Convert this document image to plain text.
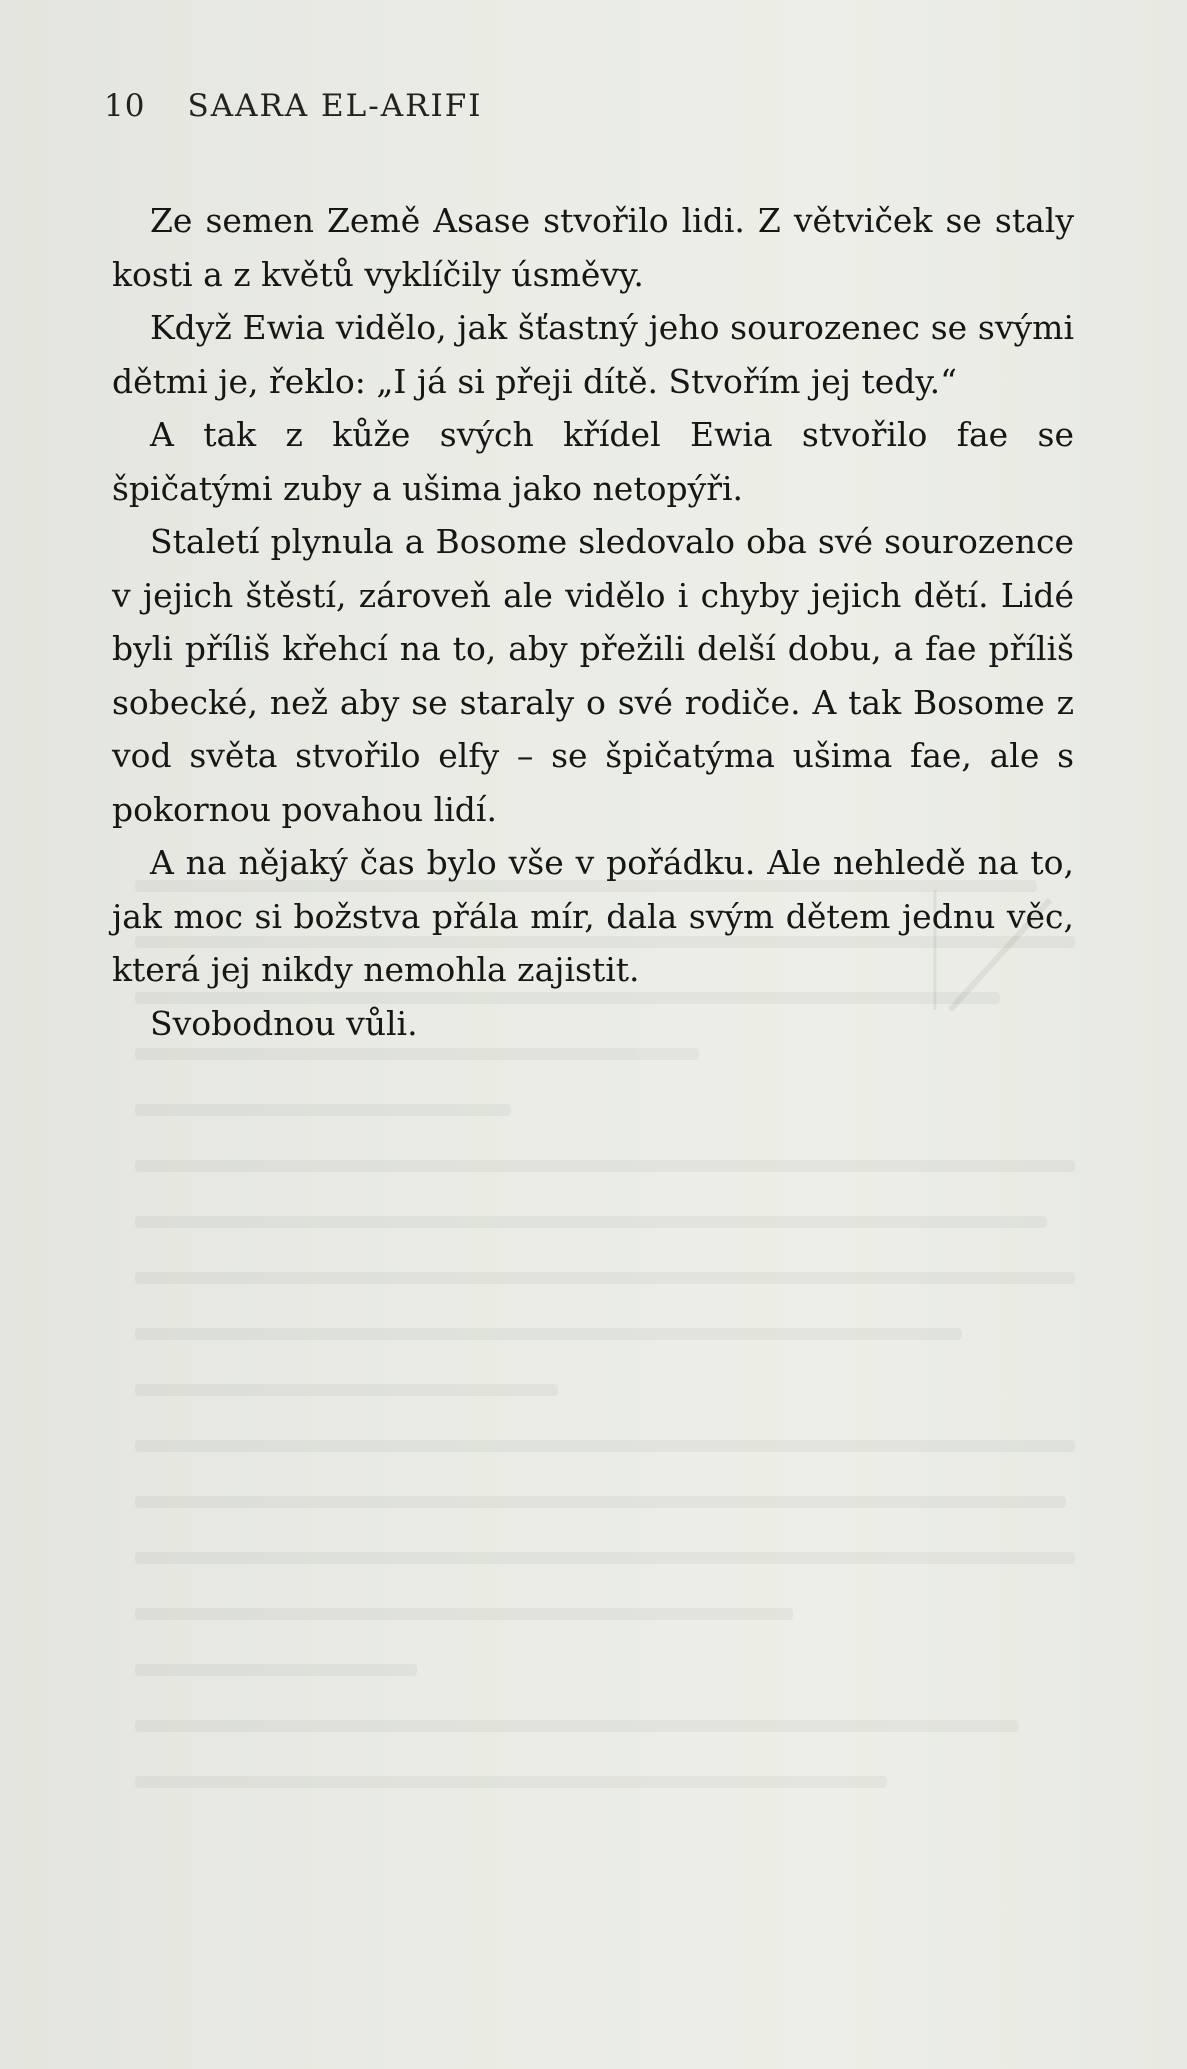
10 SAARA EL-ARIFI

Ze semen Země Asase stvořilo lidi. Z větviček se staly kosti a z květů vyklíčily úsměvy.

Když Ewia vidělo, jak šťastný jeho sourozenec se svými dětmi je, řeklo: „I já si přeji dítě. Stvořím jej tedy.“

A tak z kůže svých křídel Ewia stvořilo fae se špičatými zuby a ušima jako netopýři.

Staletí plynula a Bosome sledovalo oba své sourozence v jejich štěstí, zároveň ale vidělo i chyby jejich dětí. Lidé byli příliš křehcí na to, aby přežili delší dobu, a fae příliš sobecké, než aby se staraly o své rodiče. A tak Bosome z vod světa stvořilo elfy – se špičatýma ušima fae, ale s pokornou povahou lidí.

A na nějaký čas bylo vše v pořádku. Ale nehledě na to, jak moc si božstva přála mír, dala svým dětem jednu věc, která jej nikdy nemohla zajistit.

Svobodnou vůli.
